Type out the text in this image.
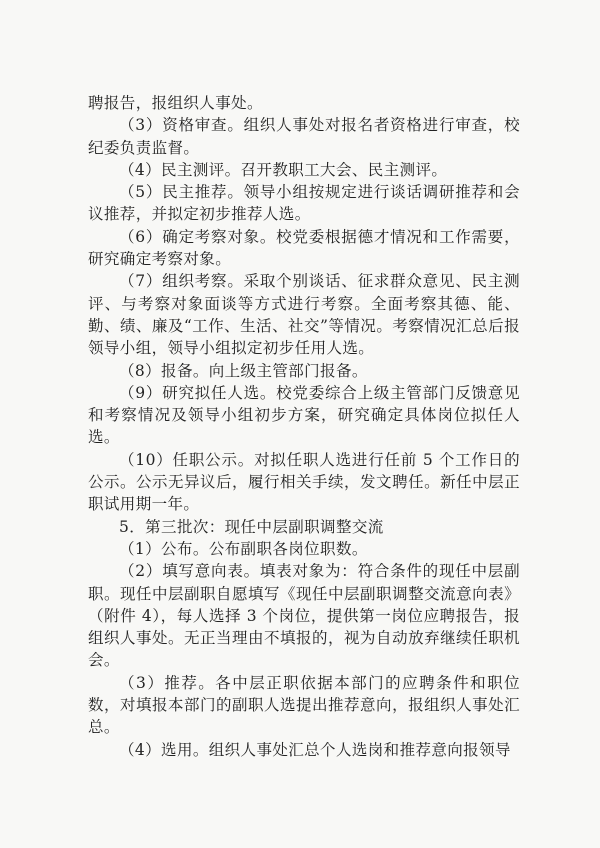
聘报告，报组织人事处。

（3）资格审查。组织人事处对报名者资格进行审查，校纪委负责监督。

（4）民主测评。召开教职工大会、民主测评。

（5）民主推荐。领导小组按规定进行谈话调研推荐和会议推荐，并拟定初步推荐人选。

（6）确定考察对象。校党委根据德才情况和工作需要，研究确定考察对象。

（7）组织考察。采取个别谈话、征求群众意见、民主测评、与考察对象面谈等方式进行考察。全面考察其德、能、勤、绩、廉及“工作、生活、社交”等情况。考察情况汇总后报领导小组，领导小组拟定初步任用人选。

（8）报备。向上级主管部门报备。

（9）研究拟任人选。校党委综合上级主管部门反馈意见和考察情况及领导小组初步方案，研究确定具体岗位拟任人选。

（10）任职公示。对拟任职人选进行任前 5 个工作日的公示。公示无异议后，履行相关手续，发文聘任。新任中层正职试用期一年。

5．第三批次：现任中层副职调整交流

（1）公布。公布副职各岗位职数。

（2）填写意向表。填表对象为：符合条件的现任中层副职。现任中层副职自愿填写《现任中层副职调整交流意向表》（附件 4），每人选择 3 个岗位，提供第一岗位应聘报告，报组织人事处。无正当理由不填报的，视为自动放弃继续任职机会。

（3）推荐。各中层正职依据本部门的应聘条件和职位数，对填报本部门的副职人选提出推荐意向，报组织人事处汇总。

（4）选用。组织人事处汇总个人选岗和推荐意向报领导
